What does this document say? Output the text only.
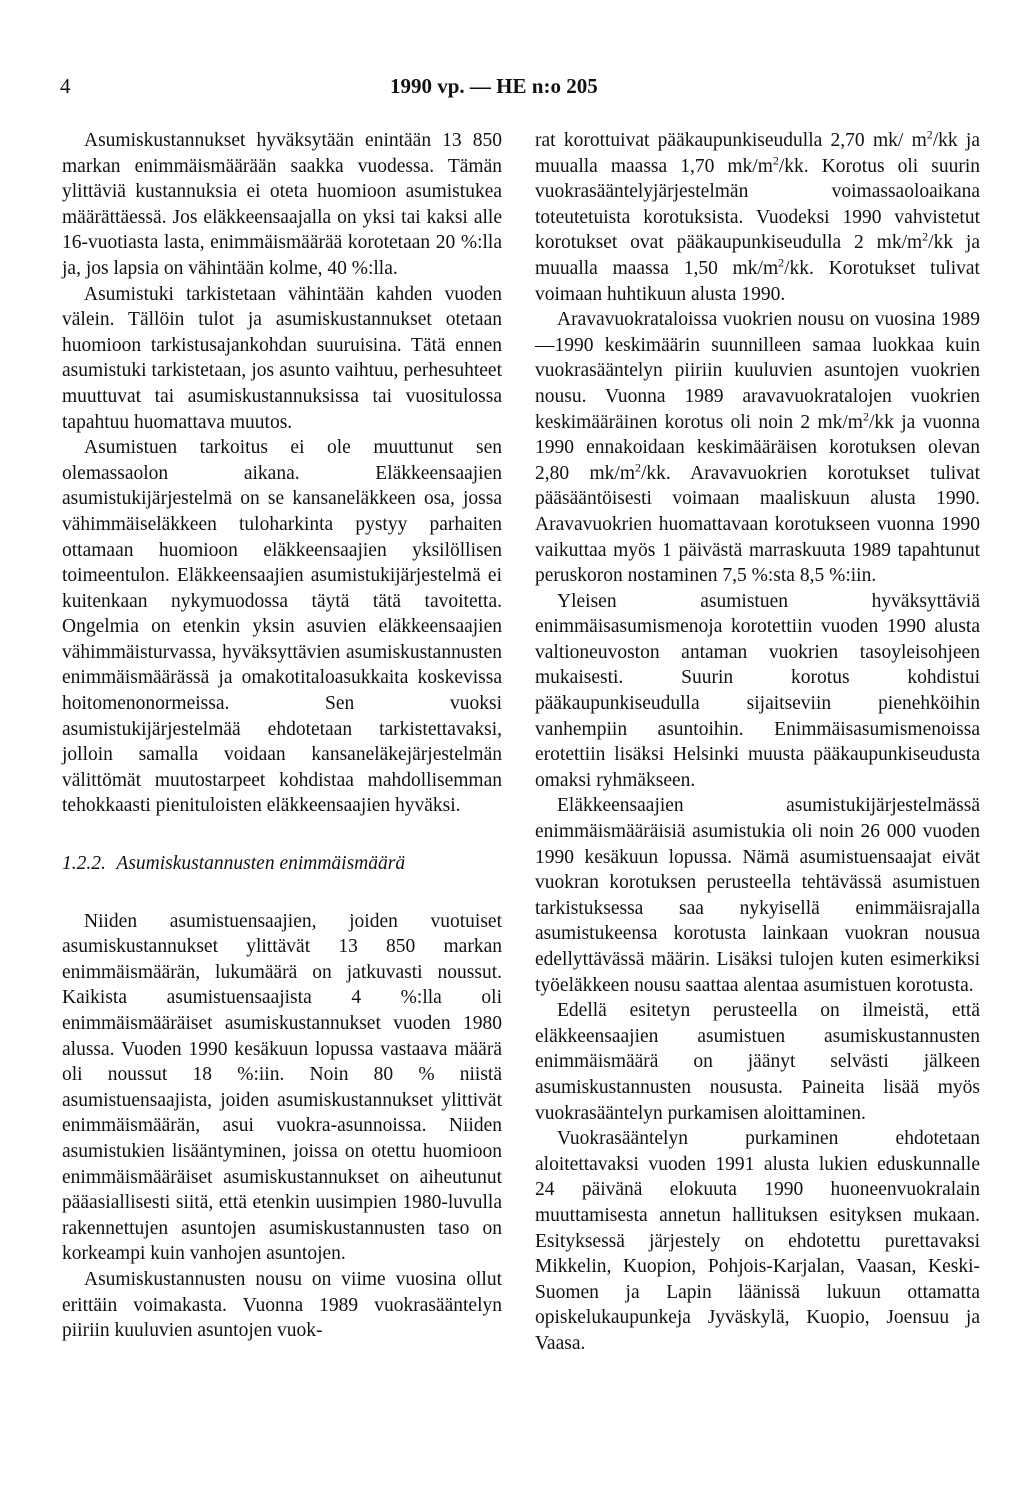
4	1990 vp. — HE n:o 205

Asumiskustannukset hyväksytään enintään 13 850 markan enimmäismäärään saakka vuodessa. Tämän ylittäviä kustannuksia ei oteta huomioon asumistukea määrättäessä. Jos eläkkeensaajalla on yksi tai kaksi alle 16-vuotiasta lasta, enimmäismäärää korotetaan 20 %:lla ja, jos lapsia on vähintään kolme, 40 %:lla.

Asumistuki tarkistetaan vähintään kahden vuoden välein. Tällöin tulot ja asumiskustannukset otetaan huomioon tarkistusajankohdan suuruisina. Tätä ennen asumistuki tarkistetaan, jos asunto vaihtuu, perhesuhteet muuttuvat tai asumiskustannuksissa tai vuositulossa tapahtuu huomattava muutos.

Asumistuen tarkoitus ei ole muuttunut sen olemassaolon aikana. Eläkkeensaajien asumistukijärjestelmä on se kansaneläkkeen osa, jossa vähimmäiseläkkeen tuloharkinta pystyy parhaiten ottamaan huomioon eläkkeensaajien yksilöllisen toimeentulon. Eläkkeensaajien asumistukijärjestelmä ei kuitenkaan nykymuodossa täytä tätä tavoitetta. Ongelmia on etenkin yksin asuvien eläkkeensaajien vähimmäisturvassa, hyväksyttävien asumiskustannusten enimmäismäärässä ja omakotitaloasukkaita koskevissa hoitomenonormeissa. Sen vuoksi asumistukijärjestelmää ehdotetaan tarkistettavaksi, jolloin samalla voidaan kansaneläkejärjestelmän välittömät muutostarpeet kohdistaa mahdollisemman tehokkaasti pienituloisten eläkkeensaajien hyväksi.

1.2.2. Asumiskustannusten enimmäismäärä

Niiden asumistuensaajien, joiden vuotuiset asumiskustannukset ylittävät 13 850 markan enimmäismäärän, lukumäärä on jatkuvasti noussut. Kaikista asumistuensaajista 4 %:lla oli enimmäismääräiset asumiskustannukset vuoden 1980 alussa. Vuoden 1990 kesäkuun lopussa vastaava määrä oli noussut 18 %:iin. Noin 80 % niistä asumistuensaajista, joiden asumiskustannukset ylittivät enimmäismäärän, asui vuokra-asunnoissa. Niiden asumistukien lisääntyminen, joissa on otettu huomioon enimmäismääräiset asumiskustannukset on aiheutunut pääasiallisesti siitä, että etenkin uusimpien 1980-luvulla rakennettujen asuntojen asumiskustannusten taso on korkeampi kuin vanhojen asuntojen.

Asumiskustannusten nousu on viime vuosina ollut erittäin voimakasta. Vuonna 1989 vuokrasääntelyn piiriin kuuluvien asuntojen vuok-

rat korottuivat pääkaupunkiseudulla 2,70 mk/ $m^2/kk$ ja muualla maassa 1,70 $mk/m^2/kk$. Korotus oli suurin vuokrasääntelyjärjestelmän voimassaoloaikana toteutetuista korotuksista. Vuodeksi 1990 vahvistetut korotukset ovat pääkaupunkiseudulla 2 $mk/m^2/kk$ ja muualla maassa 1,50 $mk/m^2/kk$. Korotukset tulivat voimaan huhtikuun alusta 1990.

Aravavuokrataloissa vuokrien nousu on vuosina 1989—1990 keskimäärin suunnilleen samaa luokkaa kuin vuokrasääntelyn piiriin kuuluvien asuntojen vuokrien nousu. Vuonna 1989 aravavuokratalojen vuokrien keskimääräinen korotus oli noin 2 $mk/m^2/kk$ ja vuonna 1990 ennakoidaan keskimääräisen korotuksen olevan 2,80 $mk/m^2/kk$. Aravavuokrien korotukset tulivat pääsääntöisesti voimaan maaliskuun alusta 1990. Aravavuokrien huomattavaan korotukseen vuonna 1990 vaikuttaa myös 1 päivästä marraskuuta 1989 tapahtunut peruskoron nostaminen 7,5 %:sta 8,5 %:iin.

Yleisen asumistuen hyväksyttäviä enimmäisasumismenoja korotettiin vuoden 1990 alusta valtioneuvoston antaman vuokrien tasoyleisohjeen mukaisesti. Suurin korotus kohdistui pääkaupunkiseudulla sijaitseviin pienehköihin vanhempiin asuntoihin. Enimmäisasumismenoissa erotettiin lisäksi Helsinki muusta pääkaupunkiseudusta omaksi ryhmäkseen.

Eläkkeensaajien asumistukijärjestelmässä enimmäismääräisiä asumistukia oli noin 26 000 vuoden 1990 kesäkuun lopussa. Nämä asumistuensaajat eivät vuokran korotuksen perusteella tehtävässä asumistuen tarkistuksessa saa nykyisellä enimmäisrajalla asumistukeensa korotusta lainkaan vuokran nousua edellyttävässä määrin. Lisäksi tulojen kuten esimerkiksi työeläkkeen nousu saattaa alentaa asumistuen korotusta.

Edellä esitetyn perusteella on ilmeistä, että eläkkeensaajien asumistuen asumiskustannusten enimmäismäärä on jäänyt selvästi jälkeen asumiskustannusten noususta. Paineita lisää myös vuokrasääntelyn purkamisen aloittaminen.

Vuokrasääntelyn purkaminen ehdotetaan aloitettavaksi vuoden 1991 alusta lukien eduskunnalle 24 päivänä elokuuta 1990 huoneenvuokralain muuttamisesta annetun hallituksen esityksen mukaan. Esityksessä järjestely on ehdotettu purettavaksi Mikkelin, Kuopion, Pohjois-Karjalan, Vaasan, Keski-Suomen ja Lapin läänissä lukuun ottamatta opiskelukaupunkeja Jyväskylä, Kuopio, Joensuu ja Vaasa.
